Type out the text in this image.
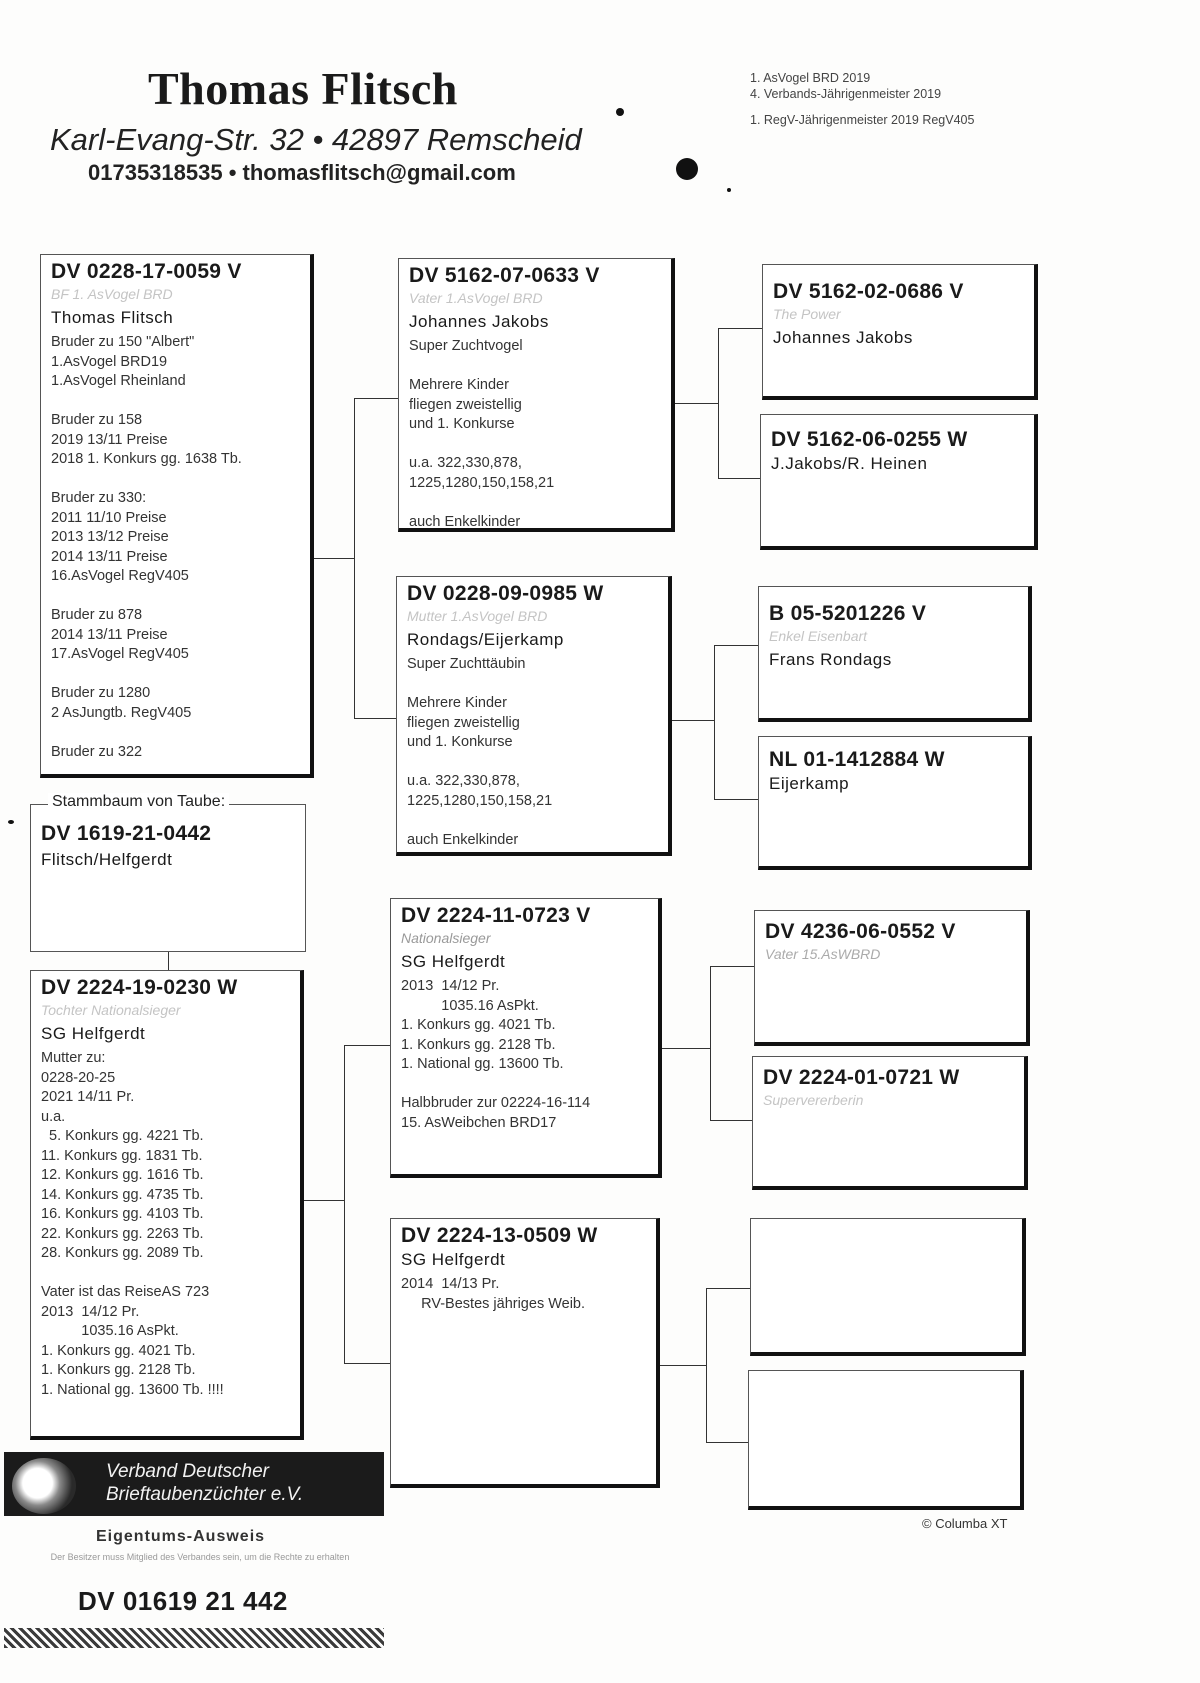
Thomas Flitsch
Karl-Evang-Str. 32 • 42897 Remscheid
01735318535 • thomasflitsch@gmail.com
1. AsVogel BRD 2019
4. Verbands-Jährigenmeister 2019
1. RegV-Jährigenmeister 2019 RegV405
DV 0228-17-0059 V
BF 1. AsVogel BRD
Thomas Flitsch
Bruder zu 150 "Albert"
1.AsVogel BRD19
1.AsVogel Rheinland
Bruder zu 158
2019 13/11 Preise
2018 1. Konkurs gg. 1638 Tb.
Bruder zu 330:
2011 11/10 Preise
2013 13/12 Preise
2014 13/11 Preise
16.AsVogel RegV405
Bruder zu 878
2014 13/11 Preise
17.AsVogel RegV405
Bruder zu 1280
2 AsJungtb. RegV405
Bruder zu 322
DV 1619-21-0442
Flitsch/Helfgerdt
Stammbaum von Taube:
DV 2224-19-0230 W
Tochter Nationalsieger
SG Helfgerdt
Mutter zu:
0228-20-25
2021 14/11 Pr.
u.a.
5. Konkurs gg. 4221 Tb.
11. Konkurs gg. 1831 Tb.
12. Konkurs gg. 1616 Tb.
14. Konkurs gg. 4735 Tb.
16. Konkurs gg. 4103 Tb.
22. Konkurs gg. 2263 Tb.
28. Konkurs gg. 2089 Tb.
Vater ist das ReiseAS 723
2013  14/12 Pr.
1035.16 AsPkt.
1. Konkurs gg. 4021 Tb.
1. Konkurs gg. 2128 Tb.
1. National gg. 13600 Tb. !!!!
DV 5162-07-0633 V
Vater 1.AsVogel BRD
Johannes Jakobs
Super Zuchtvogel
Mehrere Kinder
fliegen zweistellig
und 1. Konkurse
u.a. 322,330,878,
1225,1280,150,158,21
auch Enkelkinder
DV 0228-09-0985 W
Mutter 1.AsVogel BRD
Rondags/Eijerkamp
Super Zuchttäubin
Mehrere Kinder
fliegen zweistellig
und 1. Konkurse
u.a. 322,330,878,
1225,1280,150,158,21
auch Enkelkinder
DV 2224-11-0723 V
Nationalsieger
SG Helfgerdt
2013  14/12 Pr.
1035.16 AsPkt.
1. Konkurs gg. 4021 Tb.
1. Konkurs gg. 2128 Tb.
1. National gg. 13600 Tb.
Halbbruder zur 02224-16-114
15. AsWeibchen BRD17
DV 2224-13-0509 W
SG Helfgerdt
2014  14/13 Pr.
RV-Bestes jähriges Weib.
DV 5162-02-0686 V
The Power
Johannes Jakobs
DV 5162-06-0255 W
J.Jakobs/R. Heinen
B 05-5201226 V
Enkel Eisenbart
Frans Rondags
NL 01-1412884 W
Eijerkamp
DV 4236-06-0552 V
Vater 15.AsWBRD
DV 2224-01-0721 W
Supervererberin
Verband Deutscher
Brieftaubenzüchter e.V.
Eigentums-Ausweis
Der Besitzer muss Mitglied des Verbandes sein, um die Rechte zu erhalten
DV 01619 21 442
© Columba XT
